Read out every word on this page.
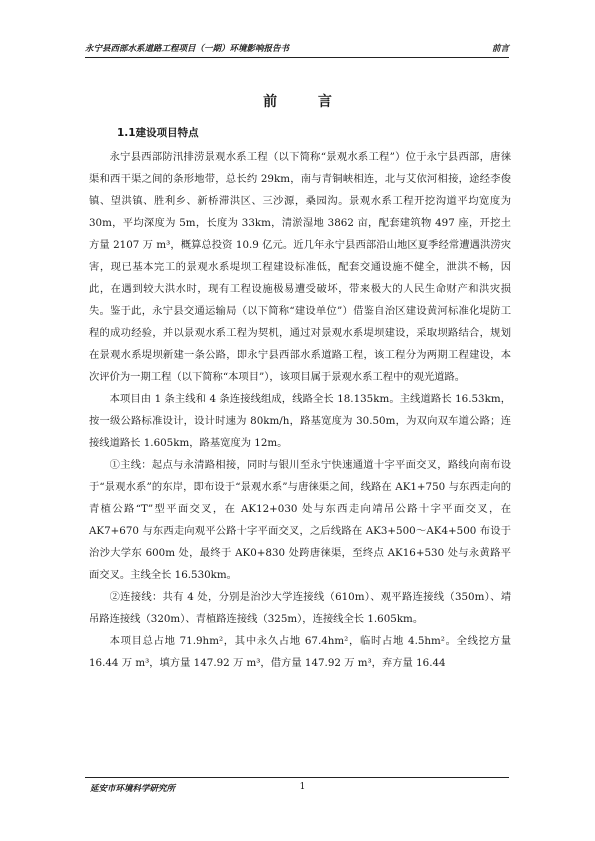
永宁县西部水系道路工程项目（一期）环境影响报告书	前言
前 言
1.1建设项目特点

永宁县西部防汛排涝景观水系工程（以下简称“景观水系工程”）位于永宁县西部，唐徕渠和西干渠之间的条形地带，总长约 29km，南与青铜峡相连，北与艾依河相接，途经李俊镇、望洪镇、胜利乡、新桥滞洪区、三沙源，桑园沟。景观水系工程开挖沟道平均宽度为 30m，平均深度为 5m，长度为 33km，清淤湿地 3862 亩，配套建筑物 497 座，开挖土方量 2107 万 m³，概算总投资 10.9 亿元。近几年永宁县西部沿山地区夏季经常遭遇洪涝灾害，现已基本完工的景观水系堤坝工程建设标准低，配套交通设施不健全，泄洪不畅，因此，在遇到较大洪水时，现有工程设施极易遭受破坏，带来极大的人民生命财产和洪灾损失。鉴于此，永宁县交通运输局（以下简称“建设单位”）借鉴自治区建设黄河标准化堤防工程的成功经验，并以景观水系工程为契机，通过对景观水系堤坝建设，采取坝路结合，规划在景观水系堤坝新建一条公路，即永宁县西部水系道路工程，该工程分为两期工程建设，本次评价为一期工程（以下简称“本项目”），该项目属于景观水系工程中的观光道路。

本项目由 1 条主线和 4 条连接线组成，线路全长 18.135km。主线道路长 16.53km，按一级公路标准设计，设计时速为 80km/h，路基宽度为 30.50m，为双向双车道公路；连接线道路长 1.605km，路基宽度为 12m。

①主线：起点与永清路相接，同时与银川至永宁快速通道十字平面交叉，路线向南布设于“景观水系”的东岸，即布设于“景观水系”与唐徕渠之间，线路在 AK1+750 与东西走向的青植公路“T”型平面交叉，在 AK12+030 处与东西走向靖吊公路十字平面交叉，在 AK7+670 与东西走向观平公路十字平面交叉，之后线路在 AK3+500～AK4+500 布设于治沙大学东 600m 处，最终于 AK0+830 处跨唐徕渠，至终点 AK16+530 处与永黄路平面交叉。主线全长 16.530km。

②连接线：共有 4 处，分别是治沙大学连接线（610m）、观平路连接线（350m）、靖吊路连接线（320m）、青植路连接线（325m），连接线全长 1.605km。

本项目总占地 71.9hm²，其中永久占地 67.4hm²，临时占地 4.5hm²。全线挖方量 16.44 万 m³，填方量 147.92 万 m³，借方量 147.92 万 m³，弃方量 16.44

延安市环境科学研究所	1
